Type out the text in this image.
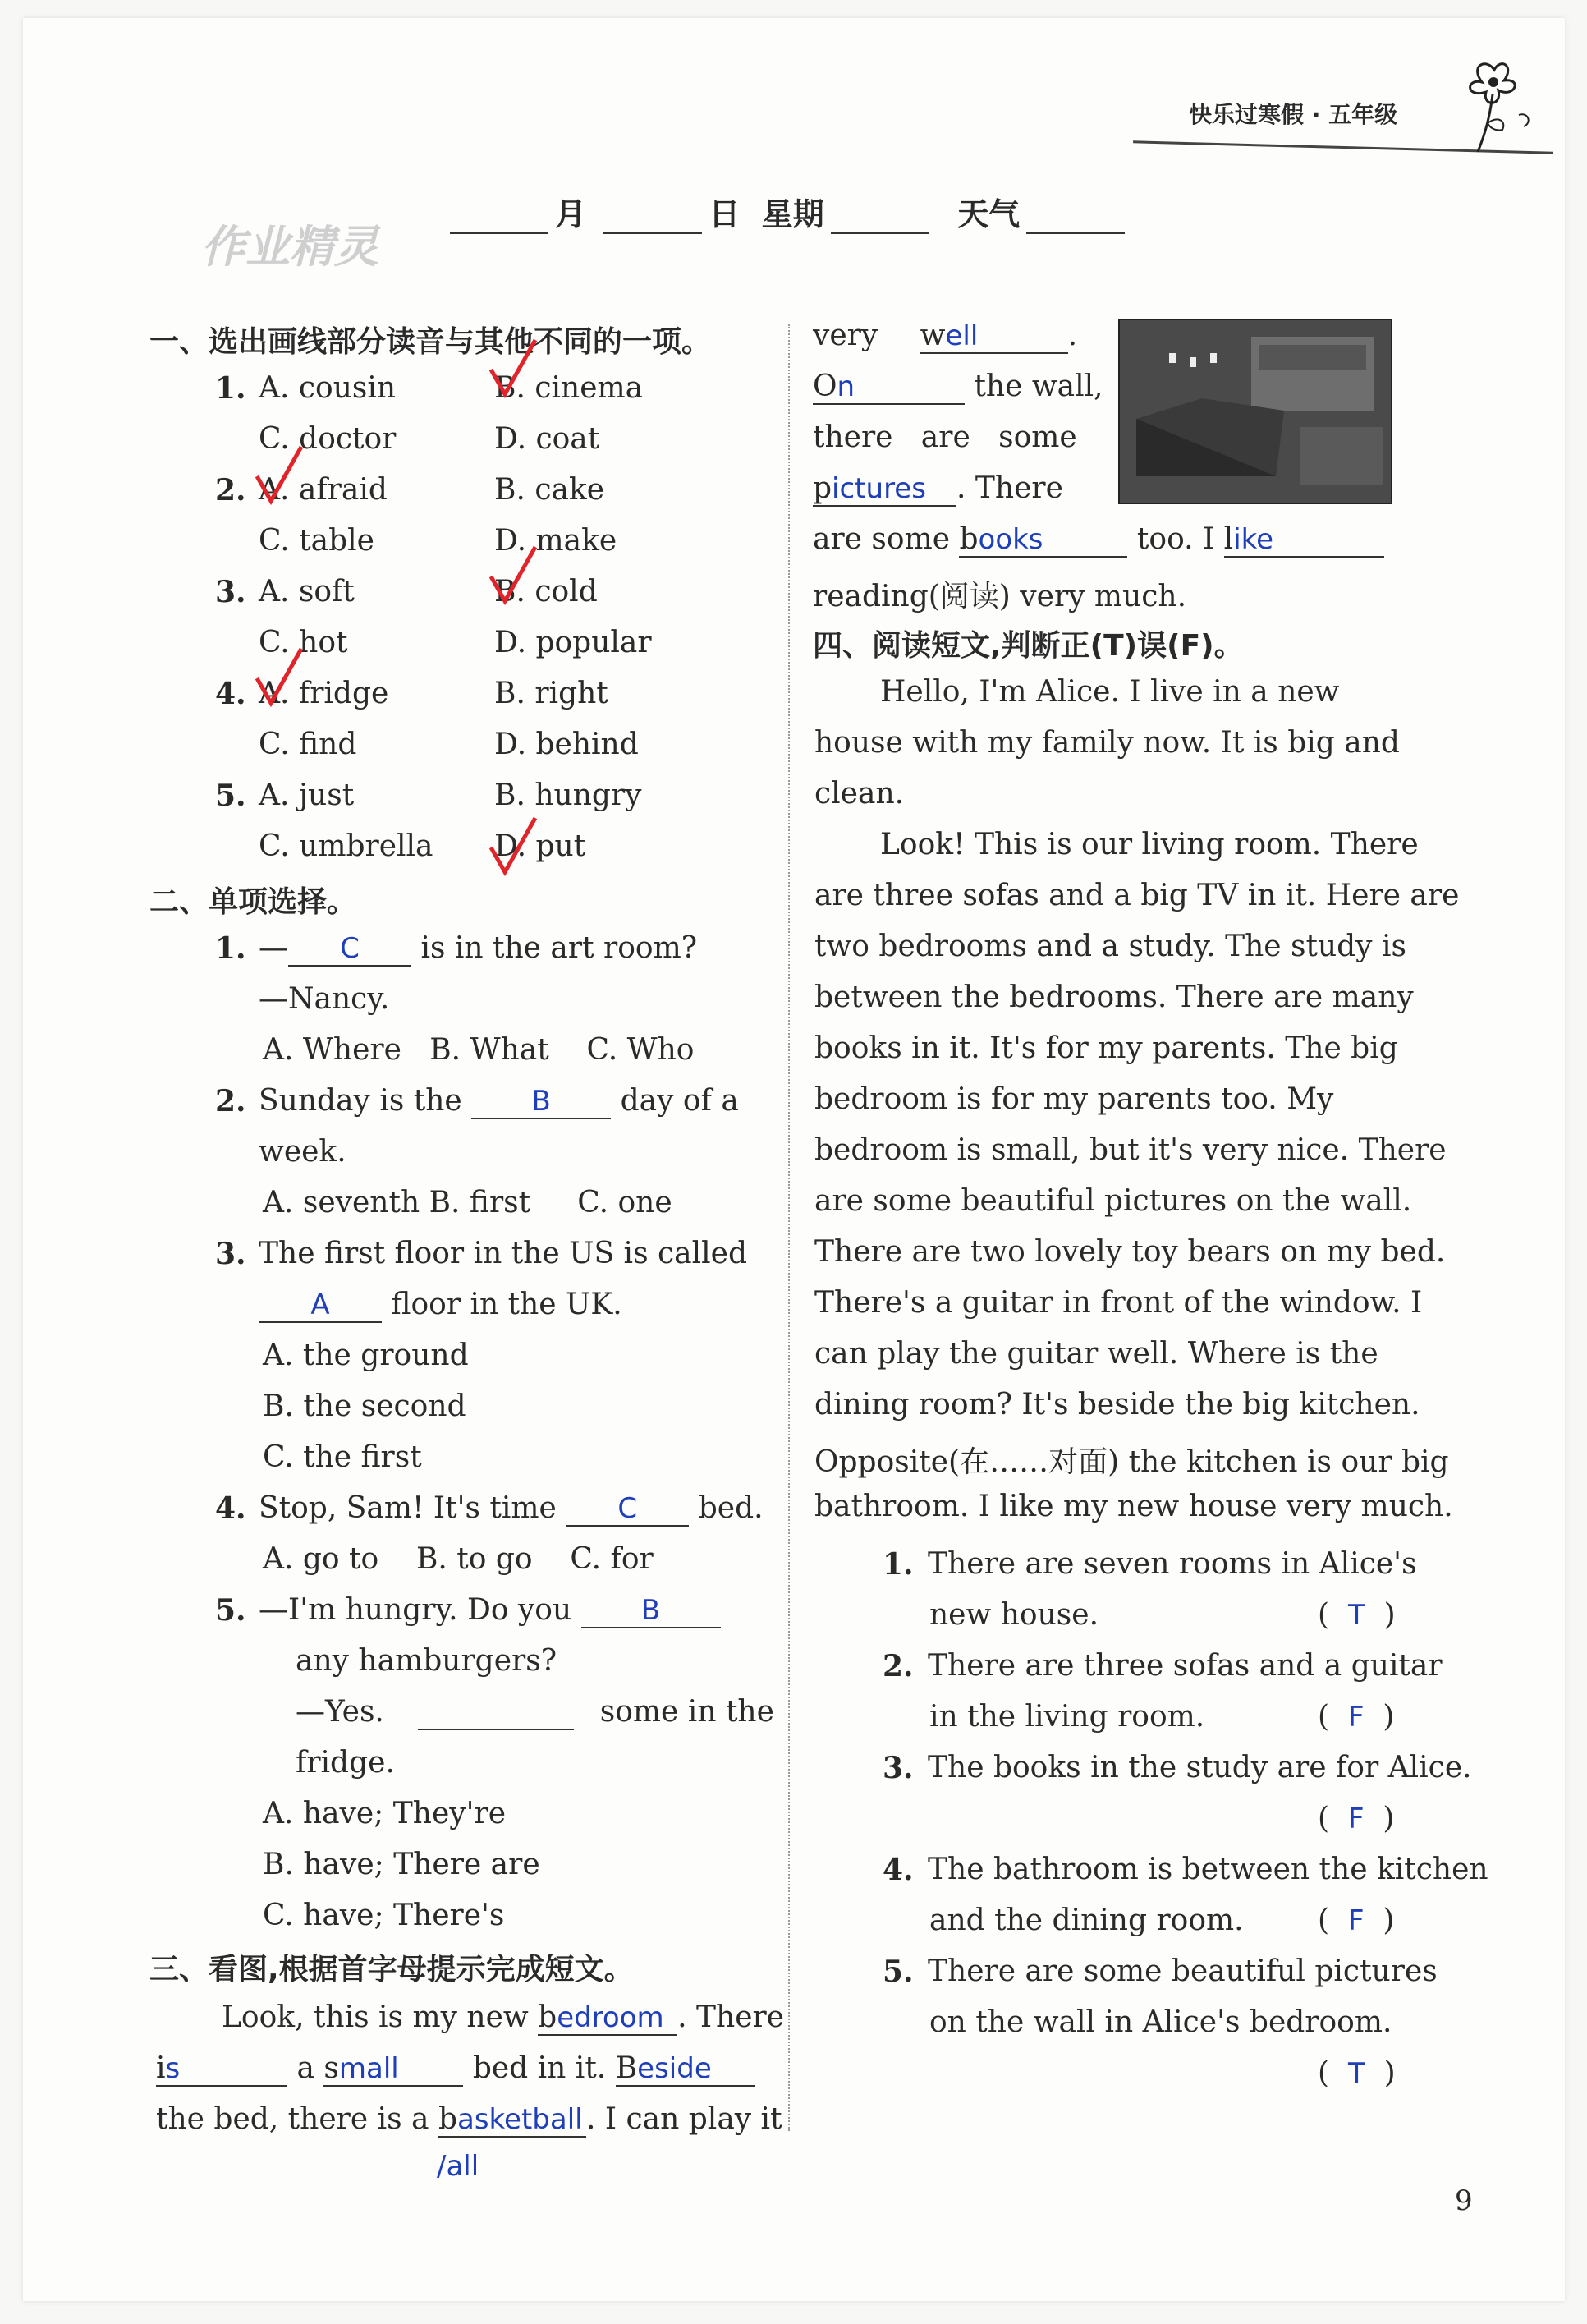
快乐过寒假 · 五年级
月	日 星期	天气
作业精灵
一、选出画线部分读音与其他不同的一项。
1. A. cousin	B. cinema
C. doctor	D. coat
2. A. afraid	B. cake
C. table	D. make
3. A. soft	B. cold
C. hot	D. popular
4. A. fridge	B. right
C. find	D. behind
5. A. just	B. hungry
C. umbrella D. put
二、单项选择。
1. — C is in the art room?
—Nancy.
A. Where   B. What    C. Who
2. Sunday is the B day of a
week.
A. seventh B. first     C. one
3. The first floor in the US is called
A floor in the UK.
A. the ground
B. the second
C. the first
4. Stop, Sam! It's time C bed.
A. go to    B. to go    C. for
5. —I'm hungry. Do you B
any hamburgers?
—Yes.	some in the
fridge.
A. have; They're
B. have; There are
C. have; There's
三、看图,根据首字母提示完成短文。
Look, this is my new bedroom . There
is	a small	bed in it. Beside
the bed, there is a basketball . I can play it
/all
very well	.
On	the wall,
there   are   some
pictures . There
are some books	too. I like
reading(阅读) very much.
四、阅读短文,判断正(T)误(F)。
Hello, I'm Alice. I live in a new
house with my family now. It is big and
clean.
Look! This is our living room. There
are three sofas and a big TV in it. Here are
two bedrooms and a study. The study is
between the bedrooms. There are many
books in it. It's for my parents. The big
bedroom is for my parents too. My
bedroom is small, but it's very nice. There
are some beautiful pictures on the wall.
There are two lovely toy bears on my bed.
There's a guitar in front of the window. I
can play the guitar well. Where is the
dining room? It's beside the big kitchen.
Opposite(在……对面) the kitchen is our big
bathroom. I like my new house very much.
1. There are seven rooms in Alice's
new house.	(  T  )
2. There are three sofas and a guitar
in the living room.	(  F  )
3. The books in the study are for Alice.
(  F  )
4. The bathroom is between the kitchen
and the dining room.	(  F  )
5. There are some beautiful pictures
on the wall in Alice's bedroom.
(  T  )
9
